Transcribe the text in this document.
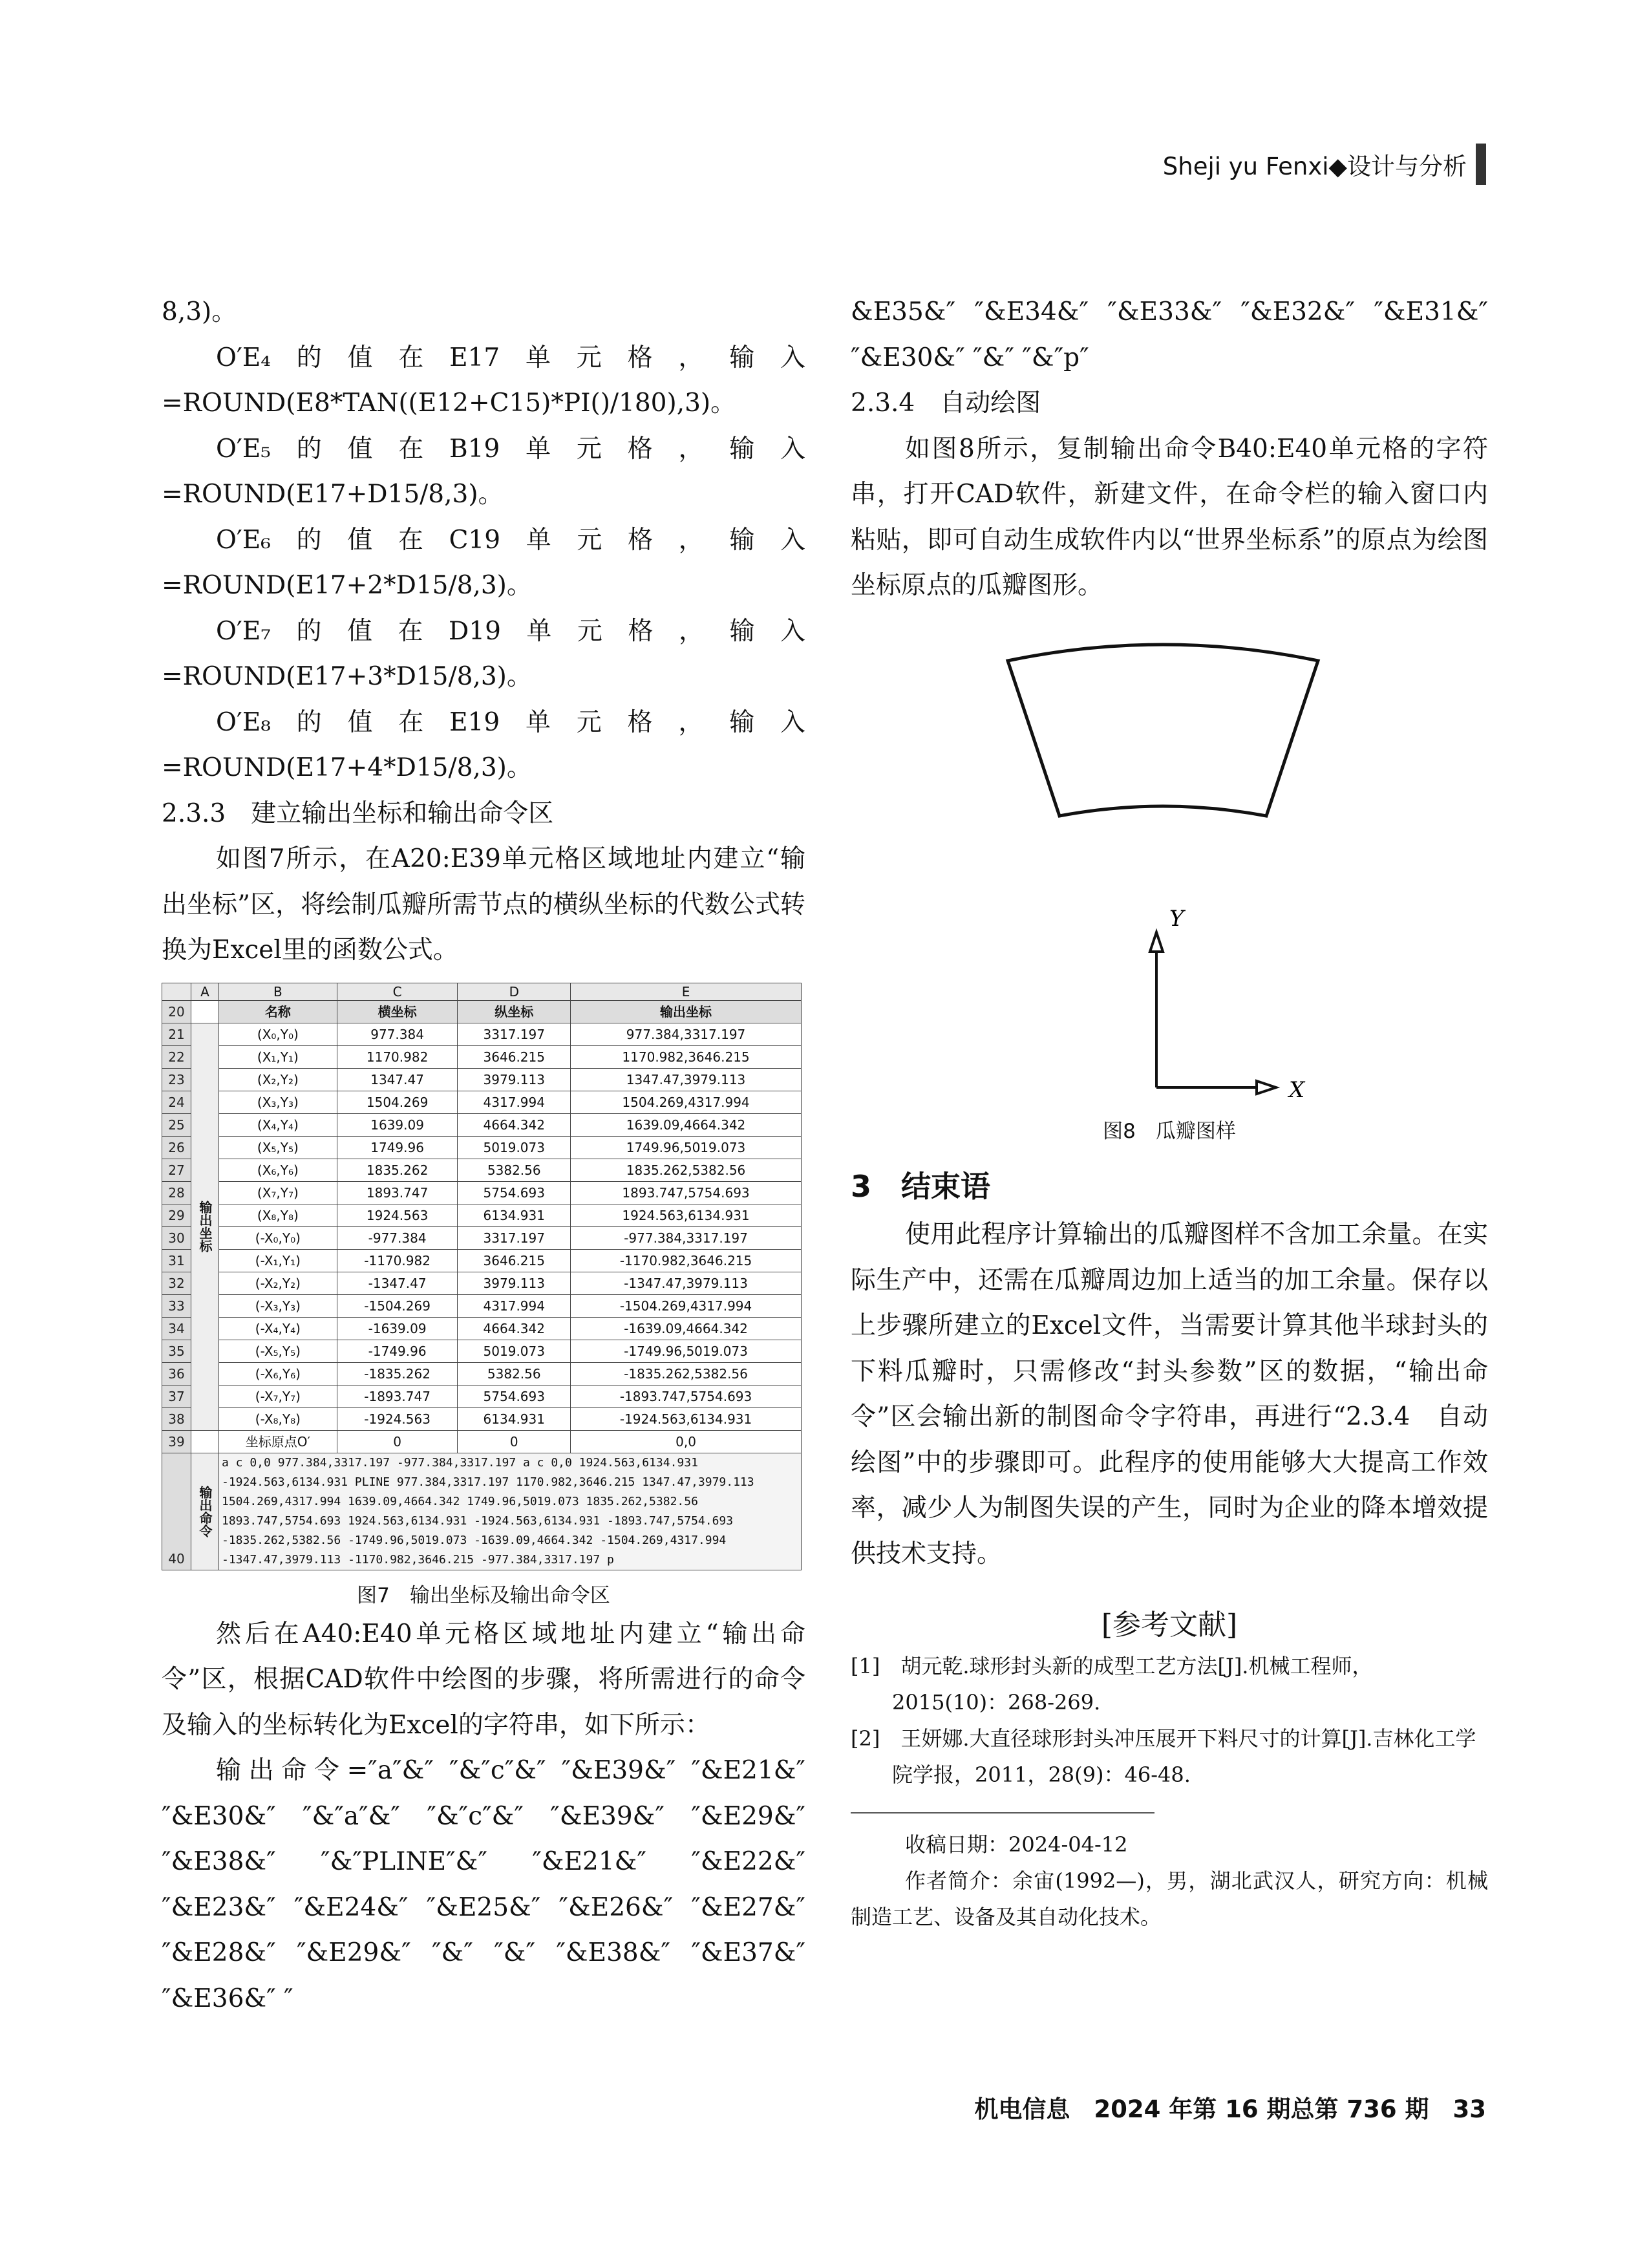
Sheji yu Fenxi◆设计与分析

8,3)。

O′E₄的值在E17单元格，输入=ROUND(E8*TAN((E12+C15)*PI()/180),3)。

O′E₅的值在B19单元格，输入=ROUND(E17+D15/8,3)。

O′E₆的值在C19单元格，输入=ROUND(E17+2*D15/8,3)。

O′E₇的值在D19单元格，输入=ROUND(E17+3*D15/8,3)。

O′E₈的值在E19单元格，输入=ROUND(E17+4*D15/8,3)。

2.3.3　建立输出坐标和输出命令区

如图7所示，在A20:E39单元格区域地址内建立“输出坐标”区，将绘制瓜瓣所需节点的横纵坐标的代数公式转换为Excel里的函数公式。

	A	B	C	D	E
20		名称	横坐标	纵坐标	输出坐标
21	输出坐标	(X₀,Y₀)	977.384	3317.197	977.384,3317.197
22		(X₁,Y₁)	1170.982	3646.215	1170.982,3646.215
23		(X₂,Y₂)	1347.47	3979.113	1347.47,3979.113
24		(X₃,Y₃)	1504.269	4317.994	1504.269,4317.994
25		(X₄,Y₄)	1639.09	4664.342	1639.09,4664.342
26		(X₅,Y₅)	1749.96	5019.073	1749.96,5019.073
27		(X₆,Y₆)	1835.262	5382.56	1835.262,5382.56
28		(X₇,Y₇)	1893.747	5754.693	1893.747,5754.693
29		(X₈,Y₈)	1924.563	6134.931	1924.563,6134.931
30		(-X₀,Y₀)	-977.384	3317.197	-977.384,3317.197
31		(-X₁,Y₁)	-1170.982	3646.215	-1170.982,3646.215
32		(-X₂,Y₂)	-1347.47	3979.113	-1347.47,3979.113
33		(-X₃,Y₃)	-1504.269	4317.994	-1504.269,4317.994
34		(-X₄,Y₄)	-1639.09	4664.342	-1639.09,4664.342
35		(-X₅,Y₅)	-1749.96	5019.073	-1749.96,5019.073
36		(-X₆,Y₆)	-1835.262	5382.56	-1835.262,5382.56
37		(-X₇,Y₇)	-1893.747	5754.693	-1893.747,5754.693
38		(-X₈,Y₈)	-1924.563	6134.931	-1924.563,6134.931
39		坐标原点O′	0	0	0,0
40	输出命令	a c 0,0 977.384,3317.197 -977.384,3317.197 a c 0,0 1924.563,6134.931 -1924.563,6134.931 PLINE 977.384,3317.197 1170.982,3646.215 1347.47,3979.113 1504.269,4317.994 1639.09,4664.342 1749.96,5019.073 1835.262,5382.56 1893.747,5754.693 1924.563,6134.931 -1924.563,6134.931 -1893.747,5754.693 -1835.262,5382.56 -1749.96,5019.073 -1639.09,4664.342 -1504.269,4317.994 -1347.47,3979.113 -1170.982,3646.215 -977.384,3317.197 p			
图7　输出坐标及输出命令区

然后在A40:E40单元格区域地址内建立“输出命令”区，根据CAD软件中绘图的步骤，将所需进行的命令及输入的坐标转化为Excel的字符串，如下所示：

输出命令=″a″&″ ″&″c″&″ ″&E39&″ ″&E21&″ ″&E30&″ ″&″a″&″ ″&″c″&″ ″&E39&″ ″&E29&″ ″&E38&″ ″&″PLINE″&″ ″&E21&″ ″&E22&″ ″&E23&″ ″&E24&″ ″&E25&″ ″&E26&″ ″&E27&″ ″&E28&″ ″&E29&″ ″&″ ″&″ ″&E38&″ ″&E37&″ ″&E36&″ ″

&E35&″ ″&E34&″ ″&E33&″ ″&E32&″ ″&E31&″ ″&E30&″ ″&″ ″&″p″

2.3.4　自动绘图

如图8所示，复制输出命令B40:E40单元格的字符串，打开CAD软件，新建文件，在命令栏的输入窗口内粘贴，即可自动生成软件内以“世界坐标系”的原点为绘图坐标原点的瓜瓣图形。

Y
X
图8　瓜瓣图样
3　结束语

使用此程序计算输出的瓜瓣图样不含加工余量。在实际生产中，还需在瓜瓣周边加上适当的加工余量。保存以上步骤所建立的Excel文件，当需要计算其他半球封头的下料瓜瓣时，只需修改“封头参数”区的数据，“输出命令”区会输出新的制图命令字符串，再进行“2.3.4　自动绘图”中的步骤即可。此程序的使用能够大大提高工作效率，减少人为制图失误的产生，同时为企业的降本增效提供技术支持。

[参考文献]

[1]　胡元乾.球形封头新的成型工艺方法[J].机械工程师，2015(10)：268-269.

[2]　王妍娜.大直径球形封头冲压展开下料尺寸的计算[J].吉林化工学院学报，2011，28(9)：46-48.

收稿日期：2024-04-12

作者简介：余宙(1992—)，男，湖北武汉人，研究方向：机械制造工艺、设备及其自动化技术。

机电信息　2024 年第 16 期总第 736 期　33
